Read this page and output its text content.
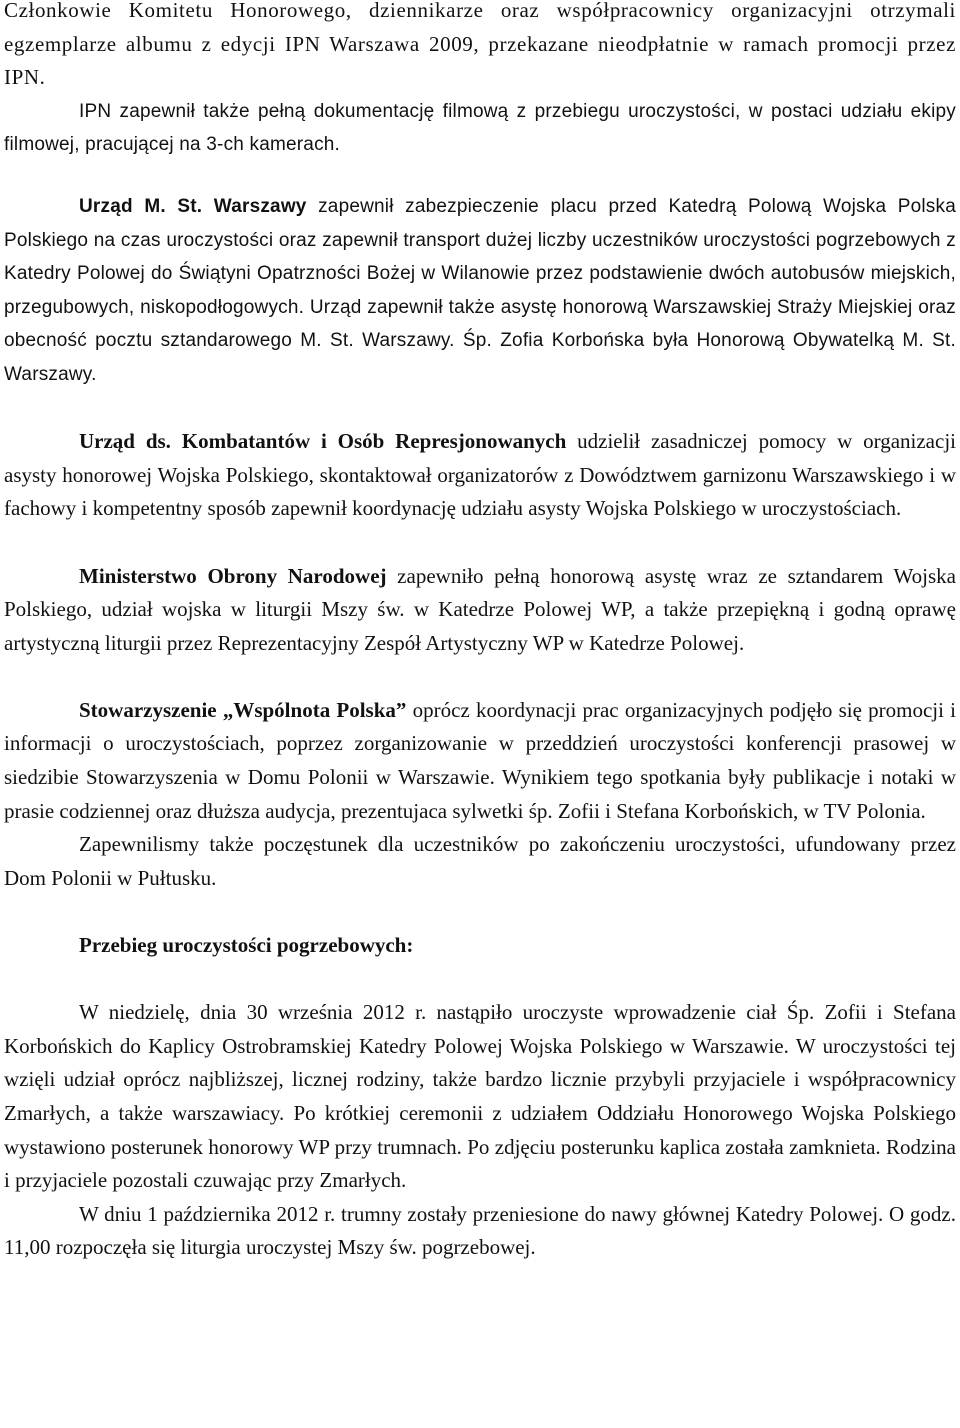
Członkowie Komitetu Honorowego, dziennikarze oraz współpracownicy organizacyjni otrzymali egzemplarze albumu z edycji IPN Warszawa 2009, przekazane nieodpłatnie w ramach promocji przez IPN.

IPN zapewnił także pełną dokumentację filmową z przebiegu uroczystości, w postaci udziału ekipy filmowej, pracującej na 3-ch kamerach.

Urząd M. St. Warszawy zapewnił zabezpieczenie placu przed Katedrą Polową Wojska Polska Polskiego na czas uroczystości oraz zapewnił transport dużej liczby uczestników uroczystości pogrzebowych z Katedry Polowej do Świątyni Opatrzności Bożej w Wilanowie przez podstawienie dwóch autobusów miejskich, przegubowych, niskopodłogowych. Urząd zapewnił także asystę honorową Warszawskiej Straży Miejskiej oraz obecność pocztu sztandarowego M. St. Warszawy. Śp. Zofia Korbońska była Honorową Obywatelką M. St. Warszawy.

Urząd ds. Kombatantów i Osób Represjonowanych udzielił zasadniczej pomocy w organizacji asysty honorowej Wojska Polskiego, skontaktował organizatorów z Dowództwem garnizonu Warszawskiego i w fachowy i kompetentny sposób zapewnił koordynację udziału asysty Wojska Polskiego w uroczystościach.

Ministerstwo Obrony Narodowej zapewniło pełną honorową asystę wraz ze sztandarem Wojska Polskiego, udział wojska w liturgii Mszy św. w Katedrze Polowej WP, a także przepiękną i godną oprawę artystyczną liturgii przez Reprezentacyjny Zespół Artystyczny WP w Katedrze Polowej.

Stowarzyszenie „Wspólnota Polska” oprócz koordynacji prac organizacyjnych podjęło się promocji i informacji o uroczystościach, poprzez zorganizowanie w przeddzień uroczystości konferencji prasowej w siedzibie Stowarzyszenia w Domu Polonii w Warszawie. Wynikiem tego spotkania były publikacje i notaki w prasie codziennej oraz dłuższa audycja, prezentujaca sylwetki śp. Zofii i Stefana Korbońskich, w TV Polonia.

Zapewnilismy także poczęstunek dla uczestników po zakończeniu uroczystości, ufundowany przez Dom Polonii w Pułtusku.

Przebieg uroczystości pogrzebowych:

W niedzielę, dnia 30 września 2012 r. nastąpiło uroczyste wprowadzenie ciał Śp. Zofii i Stefana Korbońskich do Kaplicy Ostrobramskiej Katedry Polowej Wojska Polskiego w Warszawie. W uroczystości tej wzięli udział oprócz najbliższej, licznej rodziny, także bardzo licznie przybyli przyjaciele i współpracownicy Zmarłych, a także warszawiacy. Po krótkiej ceremonii z udziałem Oddziału Honorowego Wojska Polskiego wystawiono posterunek honorowy WP przy trumnach. Po zdjęciu posterunku kaplica została zamknieta. Rodzina i przyjaciele pozostali czuwając przy Zmarłych.

W dniu 1 października 2012 r. trumny zostały przeniesione do nawy głównej Katedry Polowej. O godz. 11,00 rozpoczęła się liturgia uroczystej Mszy św. pogrzebowej.
